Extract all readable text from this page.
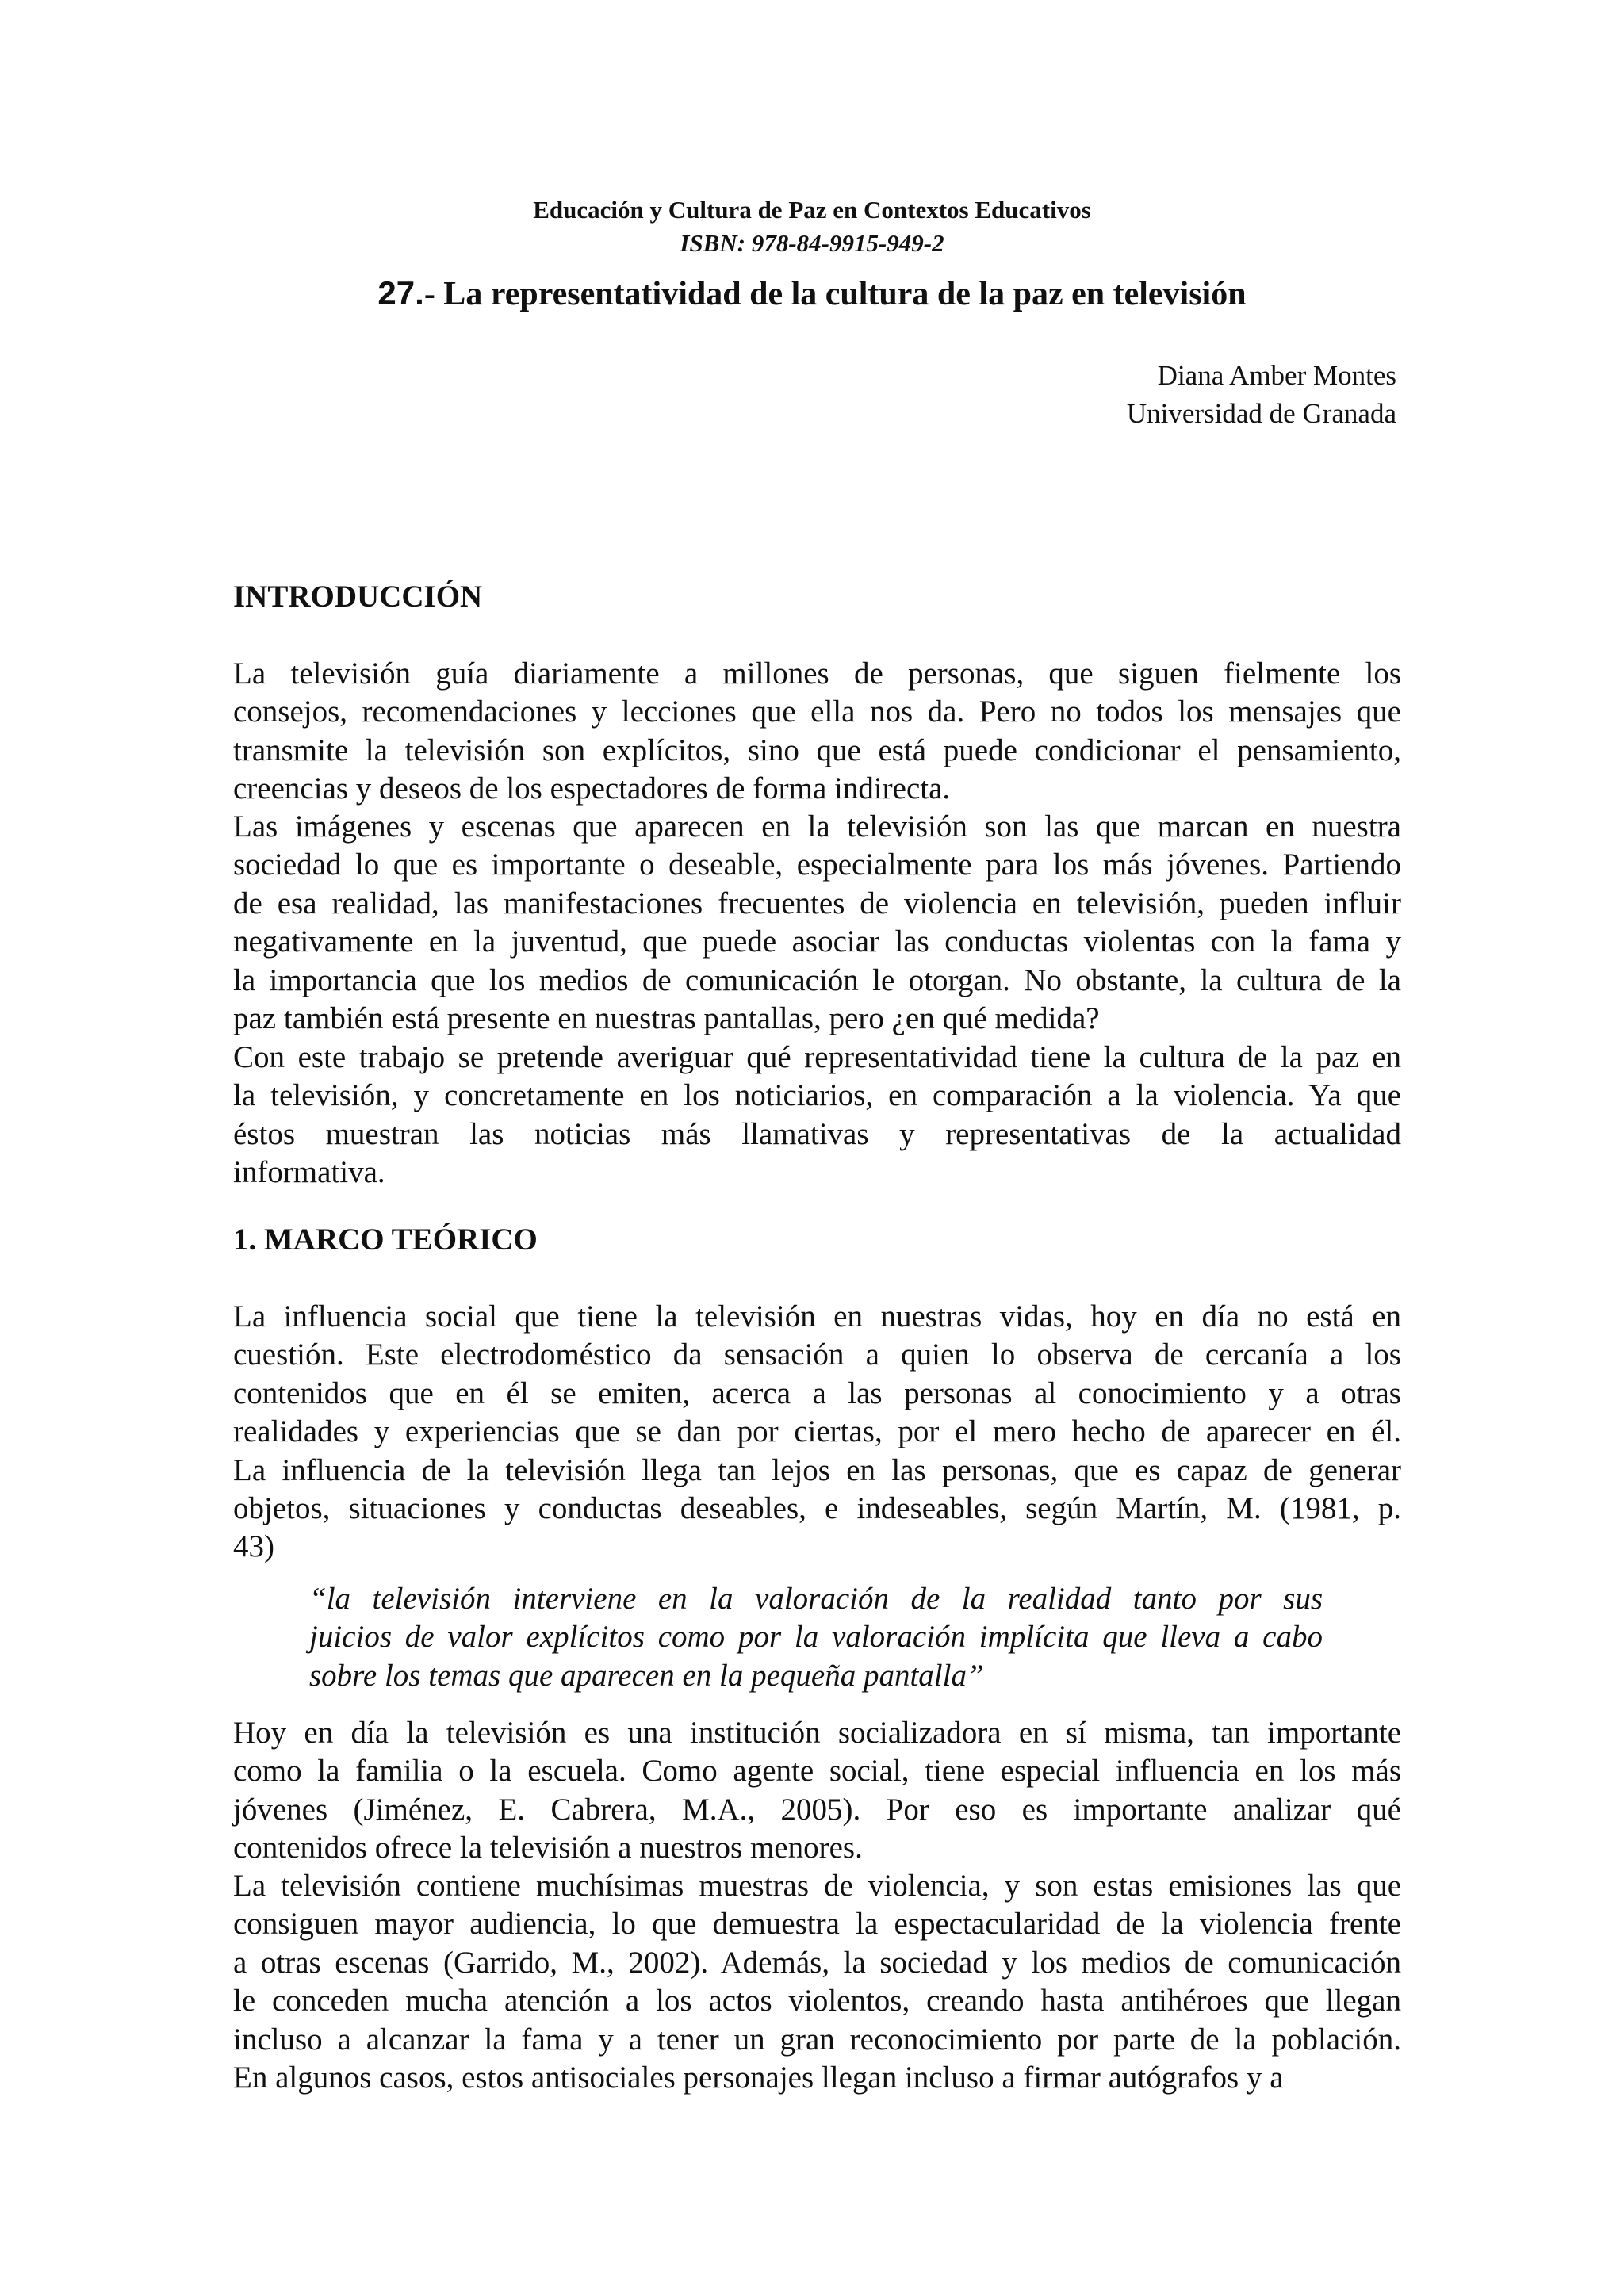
Educación y Cultura de Paz en Contextos Educativos
ISBN: 978-84-9915-949-2
27.- La representatividad de la cultura de la paz en televisión
Diana Amber Montes
Universidad de Granada
INTRODUCCIÓN
La televisión guía diariamente a millones de personas, que siguen fielmente los
consejos, recomendaciones y lecciones que ella nos da. Pero no todos los mensajes que
transmite la televisión son explícitos, sino que está puede condicionar el pensamiento,
creencias y deseos de los espectadores de forma indirecta.
Las imágenes y escenas que aparecen en la televisión son las que marcan en nuestra
sociedad lo que es importante o deseable, especialmente para los más jóvenes. Partiendo
de esa realidad, las manifestaciones frecuentes de violencia en televisión, pueden influir
negativamente en la juventud, que puede asociar las conductas violentas con la fama y
la importancia que los medios de comunicación le otorgan. No obstante, la cultura de la
paz también está presente en nuestras pantallas, pero ¿en qué medida?
Con este trabajo se pretende averiguar qué representatividad tiene la cultura de la paz en
la televisión, y concretamente en los noticiarios, en comparación a la violencia. Ya que
éstos muestran las noticias más llamativas y representativas de la actualidad
informativa.
1. MARCO TEÓRICO
La influencia social que tiene la televisión en nuestras vidas, hoy en día no está en
cuestión. Este electrodoméstico da sensación a quien lo observa de cercanía a los
contenidos que en él se emiten, acerca a las personas al conocimiento y a otras
realidades y experiencias que se dan por ciertas, por el mero hecho de aparecer en él.
La influencia de la televisión llega tan lejos en las personas, que es capaz de generar
objetos, situaciones y conductas deseables, e indeseables, según Martín, M. (1981, p.
43)
“la televisión interviene en la valoración de la realidad tanto por sus
juicios de valor explícitos como por la valoración implícita que lleva a cabo
sobre los temas que aparecen en la pequeña pantalla”
Hoy en día la televisión es una institución socializadora en sí misma, tan importante
como la familia o la escuela. Como agente social, tiene especial influencia en los más
jóvenes (Jiménez, E. Cabrera, M.A., 2005). Por eso es importante analizar qué
contenidos ofrece la televisión a nuestros menores.
La televisión contiene muchísimas muestras de violencia, y son estas emisiones las que
consiguen mayor audiencia, lo que demuestra la espectacularidad de la violencia frente
a otras escenas (Garrido, M., 2002). Además, la sociedad y los medios de comunicación
le conceden mucha atención a los actos violentos, creando hasta antihéroes que llegan
incluso a alcanzar la fama y a tener un gran reconocimiento por parte de la población.
En algunos casos, estos antisociales personajes llegan incluso a firmar autógrafos y a
